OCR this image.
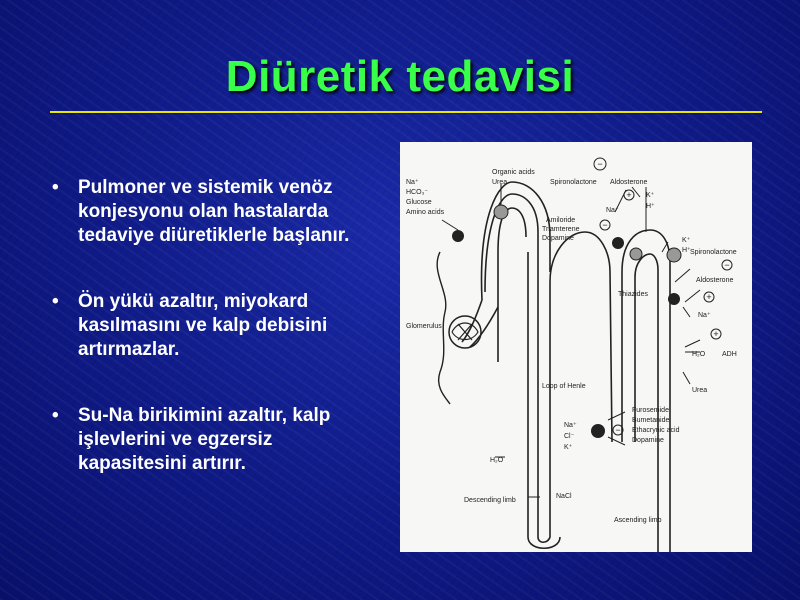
Diüretik tedavisi
• Pulmoner ve sistemik venöz konjesyonu olan hastalarda tedaviye diüretiklerle başlanır.
• Ön yükü azaltır, miyokard kasılmasını ve kalp debisini artırmazlar.
• Su-Na birikimini azaltır, kalp işlevlerini ve egzersiz kapasitesini artırır.
−
+
−
−
+
+
−
Na⁺
HCO₃⁻
Glucose
Amino acids
Glomerulus
Organic acids
Urea	Spironolactone Aldosterone
K⁺
H⁺
Na⁺
Amiloride
Triamterene
Dopamine
Thiazides
K⁺
H⁺ Spironolactone
Aldosterone
Na⁺
H₂O ADH
Urea
Loop of Henle
Na⁺
Cl⁻
K⁺
Furosemide
Bumetanide
Ethacrynic acid
Dopamine
H₂O
Descending limb
NaCl
Ascending limb
